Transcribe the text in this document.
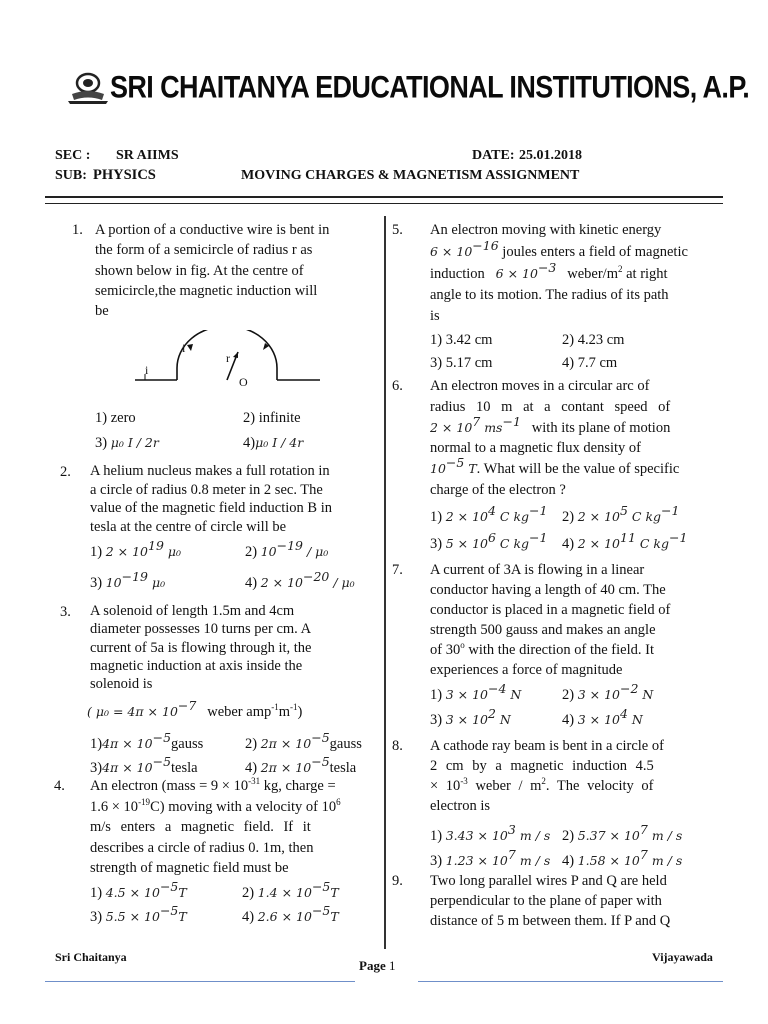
SRI CHAITANYA EDUCATIONAL INSTITUTIONS, A.P.
SEC : SR AIIMS	DATE: 25.01.2018
SUB: PHYSICS	MOVING CHARGES & MAGNETISM ASSIGNMENT
1. A portion of a conductive wire is bent in
the form of a semicircle of radius r as
shown below in fig. At the centre of
semicircle,the magnetic induction will
be
i
i
r
O
1) zero	2) infinite
3) μ₀ I / 2r	4)μ₀ I / 4r
2. A helium nucleus makes a full rotation in
a circle of radius 0.8 meter in 2 sec. The
value of the magnetic field induction B in
tesla at the centre of circle will be
1) $2 \times 10^{19}$ μ₀	2) $10^{-19} / \mu_0$
3) $10^{-19}$ μ₀	4) $2 \times 10^{-20} / \mu_0$
3. A solenoid of length 1.5m and 4cm
diameter possesses 10 turns per cm. A
current of 5a is flowing through it, the
magnetic induction at axis inside the
solenoid is
( $\mu_0 = 4\pi \times 10^{-7}$ weber $amp^{-1}m^{-1}$)
$1)4\pi \times 10^{-5}gauss$	2) $2\pi \times 10^{-5}gauss$
$3)4\pi \times 10^{-5}tesla$	4) $2\pi \times 10^{-5}tesla$
4. An electron (mass = $9 \times 10^{-31}$ kg, charge =
$1.6 \times 10^{-19}C$) moving with a velocity of $10^6$
m/s enters a magnetic field. If it
describes a circle of radius 0. 1m, then
strength of magnetic field must be
1) $4.5 \times 10^{-5}T$	2) $1.4 \times 10^{-5}T$
3) $5.5 \times 10^{-5}T$	4) $2.6 \times 10^{-5}T$
5. An electron moving with kinetic energy
$6 \times 10^{-16}$ joules enters a field of magnetic
induction $6 \times 10^{-3}$ weber/$m^2$ at right
angle to its motion. The radius of its path
is
1) 3.42 cm	2) 4.23 cm
3) 5.17 cm	4) 7.7 cm
6. An electron moves in a circular arc of
radius 10 m at a contant speed of
$2 \times 10^7$ $ms^{-1}$ with its plane of motion
normal to a magnetic flux density of
$10^{-5}$ T. What will be the value of specific
charge of the electron ?
1) $2 \times 10^4$ C $kg^{-1}$ 2) $2 \times 10^5$ C $kg^{-1}$
3) $5 \times 10^6$ C $kg^{-1}$ 4) $2 \times 10^{11}$ C $kg^{-1}$
7. A current of 3A is flowing in a linear
conductor having a length of 40 cm. The
conductor is placed in a magnetic field of
strength 500 gauss and makes an angle
of 30$^o$ with the direction of the field. It
experiences a force of magnitude
1) $3 \times 10^{-4}$ N	2) $3 \times 10^{-2}$ N
3) $3 \times 10^2$ N	4) $3 \times 10^4$ N
8. A cathode ray beam is bent in a circle of
2 cm by a magnetic induction 4.5
× $10^{-3}$ weber / $m^2$. The velocity of
electron is
1) $3.43 \times 10^3$ m / s 2) $5.37 \times 10^7$ m / s
3) $1.23 \times 10^7$ m / s 4) $1.58 \times 10^7$ m / s
9. Two long parallel wires P and Q are held
perpendicular to the plane of paper with
distance of 5 m between them. If P and Q
Sri Chaitanya
Page 1
Vijayawada
